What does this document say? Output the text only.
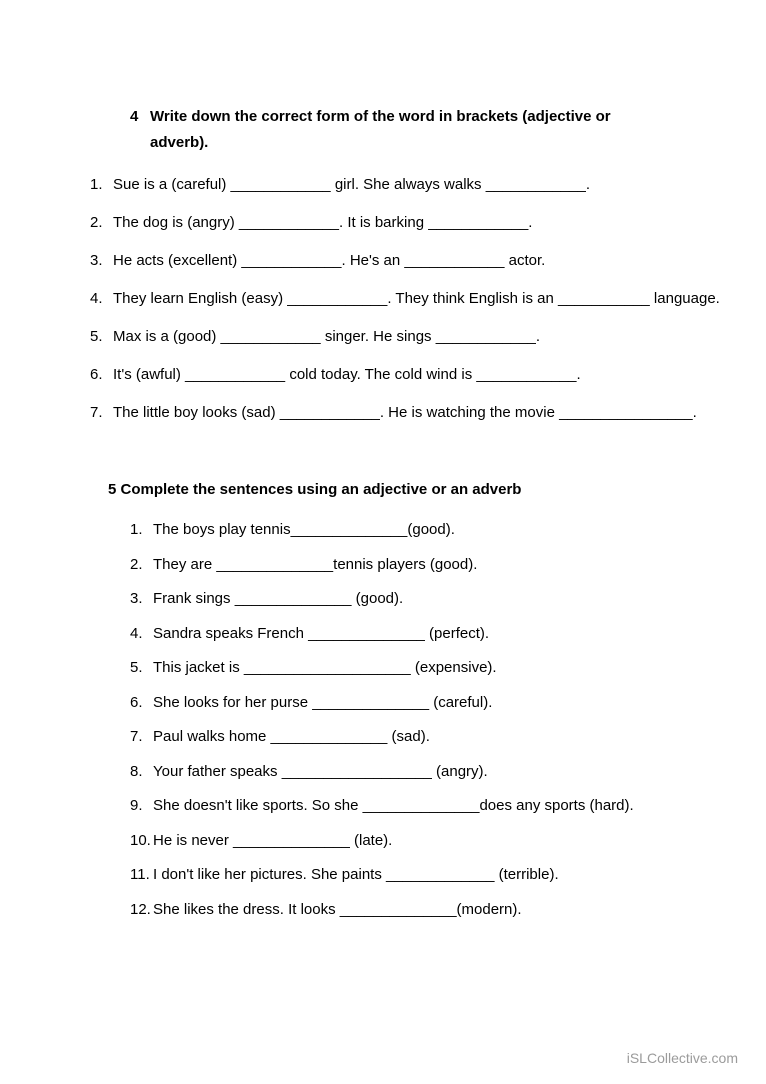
4 Write down the correct form of the word in brackets (adjective or
adverb).
1. Sue is a (careful) ____________ girl. She always walks ____________.
2. The dog is (angry) ____________. It is barking ____________.
3. He acts (excellent) ____________. He's an ____________ actor.
4. They learn English (easy) ____________. They think English is an ___________ language.
5. Max is a (good) ____________ singer. He sings ____________.
6. It's (awful) ____________ cold today. The cold wind is ____________.
7. The little boy looks (sad) ____________. He is watching the movie ________________.
5 Complete the sentences using an adjective or an adverb
1. The boys play tennis______________(good).
2. They are ______________tennis players (good).
3. Frank sings ______________ (good).
4. Sandra speaks French ______________ (perfect).
5. This jacket is ____________________ (expensive).
6. She looks for her purse ______________ (careful).
7. Paul walks home ______________ (sad).
8. Your father speaks __________________ (angry).
9. She doesn't like sports. So she ______________does any sports (hard).
10. He is never ______________ (late).
11. I don't like her pictures. She paints _____________ (terrible).
12. She likes the dress. It looks ______________(modern).
iSLCollective.com
